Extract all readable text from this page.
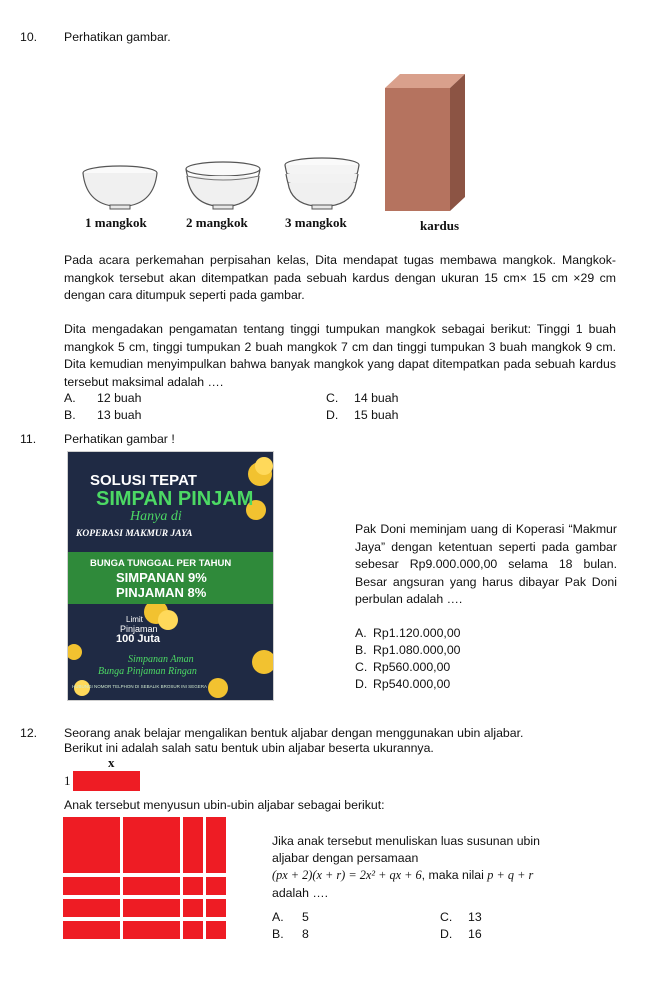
10. Perhatikan gambar.
1 mangkok	2 mangkok	3 mangkok	kardus
Pada acara perkemahan perpisahan kelas, Dita mendapat tugas membawa mangkok. Mangkok-mangkok tersebut akan ditempatkan pada sebuah kardus dengan ukuran 15 cm× 15 cm ×29 cm dengan cara ditumpuk seperti pada gambar.
Dita mengadakan pengamatan tentang tinggi tumpukan mangkok sebagai berikut: Tinggi 1 buah mangkok 5 cm, tinggi tumpukan 2 buah mangkok 7 cm dan tinggi tumpukan 3 buah mangkok 9 cm. Dita kemudian menyimpulkan bahwa banyak mangkok yang dapat ditempatkan pada sebuah kardus tersebut maksimal adalah ….
A. 12 buah
B. 13 buah
C. 14 buah
D. 15 buah
11. Perhatikan gambar !
SOLUSI TEPAT
SIMPAN PINJAM
Hanya di
KOPERASI MAKMUR JAYA
BUNGA TUNGGAL PER TAHUN
SIMPANAN 9%
PINJAMAN 8%
Limit
Pinjaman
100 Juta
Simpanan Aman
Bunga Pinjaman Ringan
HUBUNGI NOMOR TELPHON DI SEBALIK BROSUR INI SEGERA
Pak Doni meminjam uang di Koperasi “Makmur Jaya” dengan ketentuan seperti pada gambar sebesar Rp9.000.000,00 selama 18 bulan. Besar angsuran yang harus dibayar Pak Doni perbulan adalah ….
A. Rp1.120.000,00
B. Rp1.080.000,00
C. Rp560.000,00
D. Rp540.000,00
12. Seorang anak belajar mengalikan bentuk aljabar dengan menggunakan ubin aljabar.
Berikut ini adalah salah satu bentuk ubin aljabar beserta ukurannya.
x
1
Anak tersebut menyusun ubin-ubin aljabar sebagai berikut:
Jika anak tersebut menuliskan luas susunan ubin
aljabar dengan persamaan
(px + 2)(x + r) = 2x² + qx + 6, maka nilai p + q + r
adalah ….
A. 5
B. 8
C. 13
D. 16
